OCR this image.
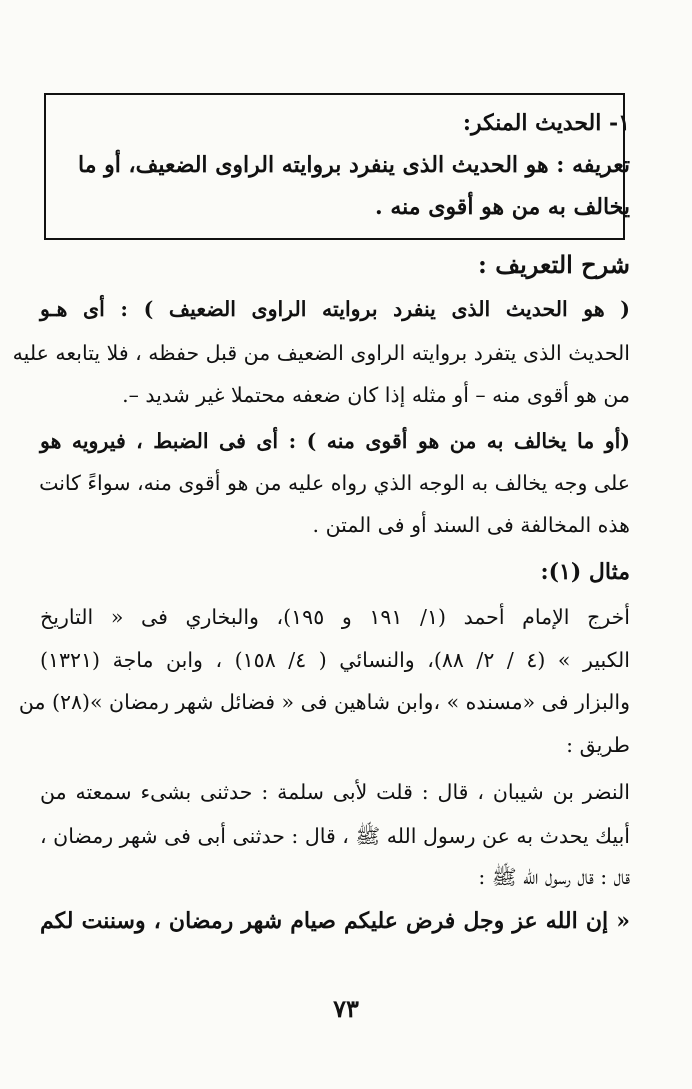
١- الحديث المنكر:
تعريفه : هو الحديث الذى ينفرد بروايته الراوى الضعيف، أو ما
يخالف به من هو أقوى منه .
شرح التعريف :
( هو الحديث الذى ينفرد بروايته الراوى الضعيف ) : أى هـو
الحديث الذى يتفرد بروايته الراوى الضعيف من قبل حفظه ، فلا يتابعه عليه
من هو أقوى منه – أو مثله إذا كان ضعفه محتملا غير شديد –.
(أو ما يخالف به من هو أقوى منه ) : أى فى الضبط ، فيرويه هو
على وجه يخالف به الوجه الذي رواه عليه من هو أقوى منه، سواءً كانت
هذه المخالفة فى السند أو فى المتن .
مثال (١):
أخرج الإمام أحمد (١/ ١٩١ و ١٩٥)، والبخاري فى « التاريخ
الكبير » (٤ / ٢/ ٨٨)، والنسائي ( ٤/ ١٥٨) ، وابن ماجة (١٣٢١)
والبزار فى «مسنده » ،وابن شاهين فى « فضائل شهر رمضان »(٢٨) من
طريق :
النضر بن شيبان ، قال : قلت لأبى سلمة : حدثنى بشىء سمعته من
أبيك يحدث به عن رسول الله ﷺ ، قال : حدثنى أبى فى شهر رمضان ،
قال : قال رسول الله ﷺ :
« إن الله عز وجل فرض عليكم صيام شهر رمضان ، وسننت لكم
٧٣
